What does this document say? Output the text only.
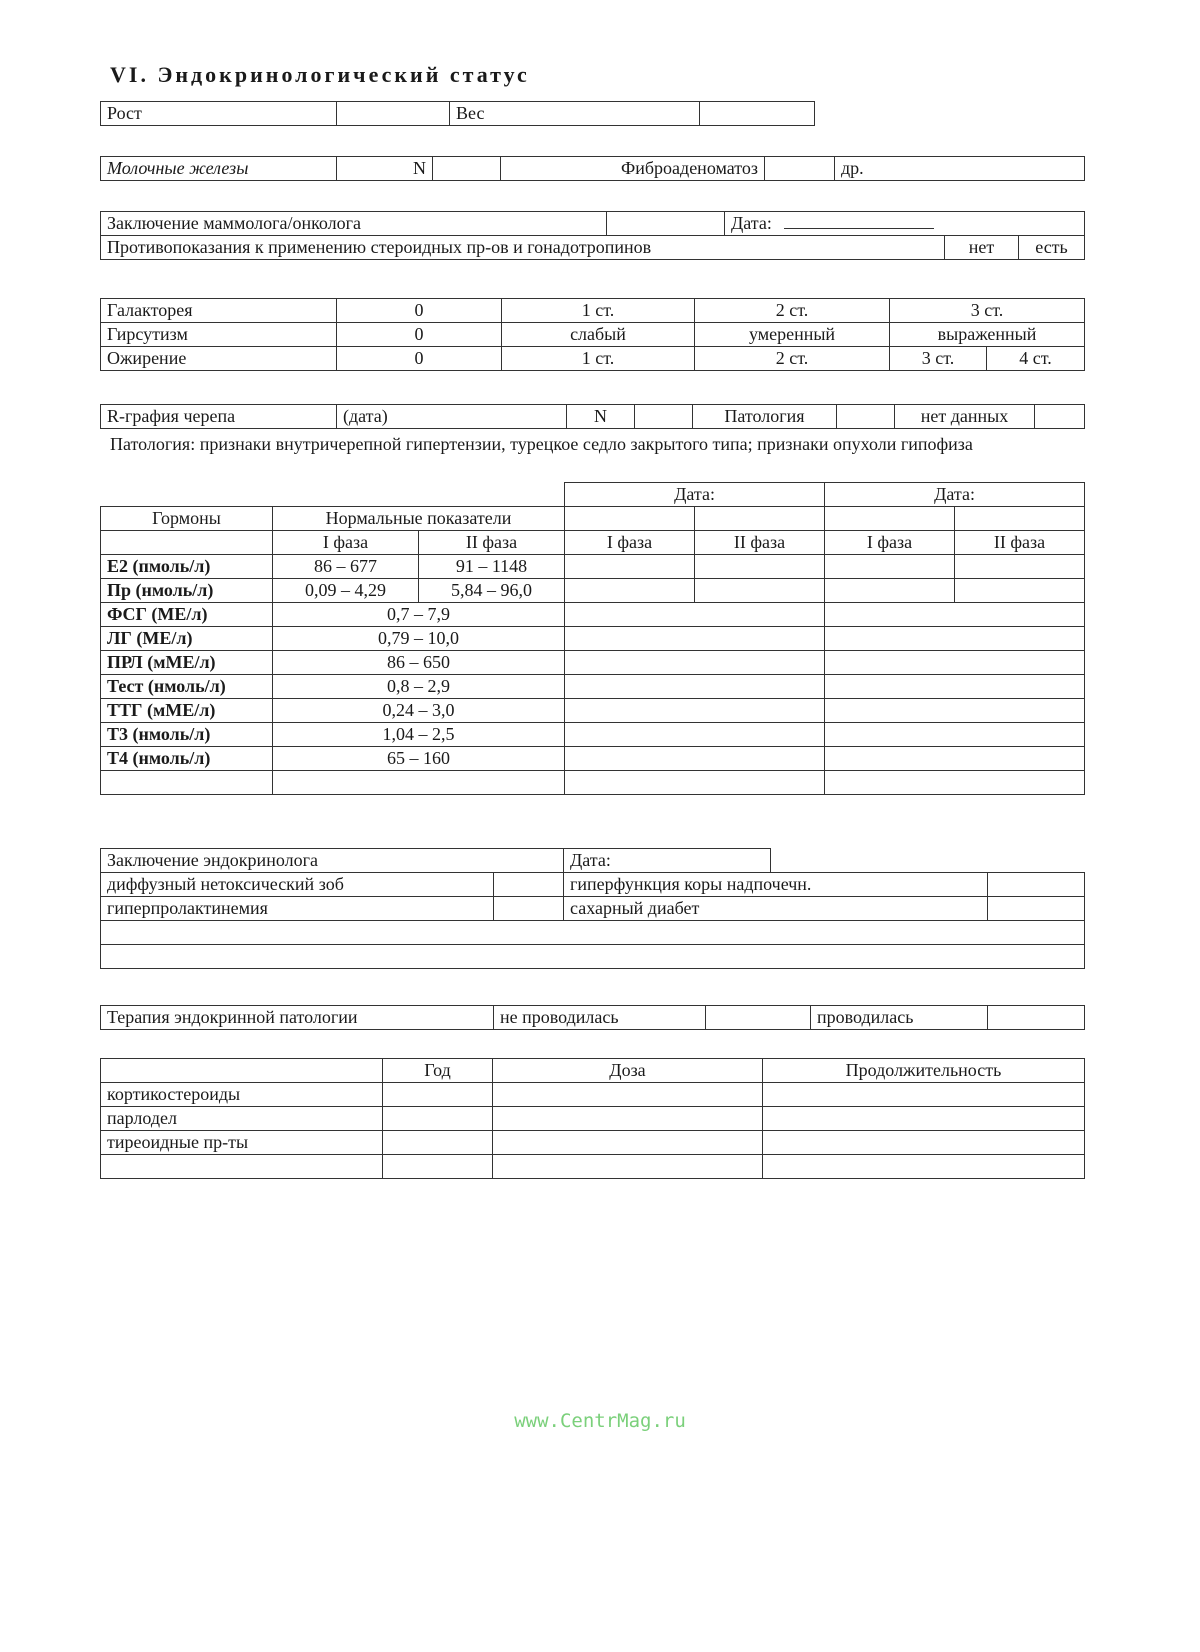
VI. Эндокринологический статус
Рост		Вес	
Молочные железы	N		Фиброаденоматоз		др.
Заключение маммолога/онколога		Дата:		
Противопоказания к применению стероидных пр-ов и гонадотропинов			нет	есть
Галакторея	0	1 ст.	2 ст.	3 ст.	
Гирсутизм	0	слабый	умеренный	выраженный	
Ожирение	0	1 ст.	2 ст.	3 ст.	4 ст.
R-графия черепа	(дата)	N		Патология		нет данных	
Патология: признаки внутричерепной гипертензии, турецкое седло закрытого типа; признаки опухоли гипофиза
			Дата:		Дата:	
Гормоны	Нормальные показатели					
	I фаза	II фаза	I фаза	II фаза	I фаза	II фаза
E2 (пмоль/л)	86 – 677	91 – 1148				
Пр (нмоль/л)	0,09 – 4,29	5,84 – 96,0				
ФСГ (МЕ/л)	0,7 – 7,9					
ЛГ (МЕ/л)	0,79 – 10,0					
ПРЛ (мМЕ/л)	86 – 650					
Тест (нмоль/л)	0,8 – 2,9					
ТТГ (мМЕ/л)	0,24 – 3,0					
Т3 (нмоль/л)	1,04 – 2,5					
Т4 (нмоль/л)	65 – 160					

Заключение эндокринолога		Дата:		
диффузный нетоксический зоб		гиперфункция коры надпочечн.		
гиперпролактинемия		сахарный диабет		

Терапия эндокринной патологии	не проводилась		проводилась	
	Год	Доза	Продолжительность
кортикостероиды			
парлодел			
тиреоидные пр-ты			

www.CentrMag.ru
